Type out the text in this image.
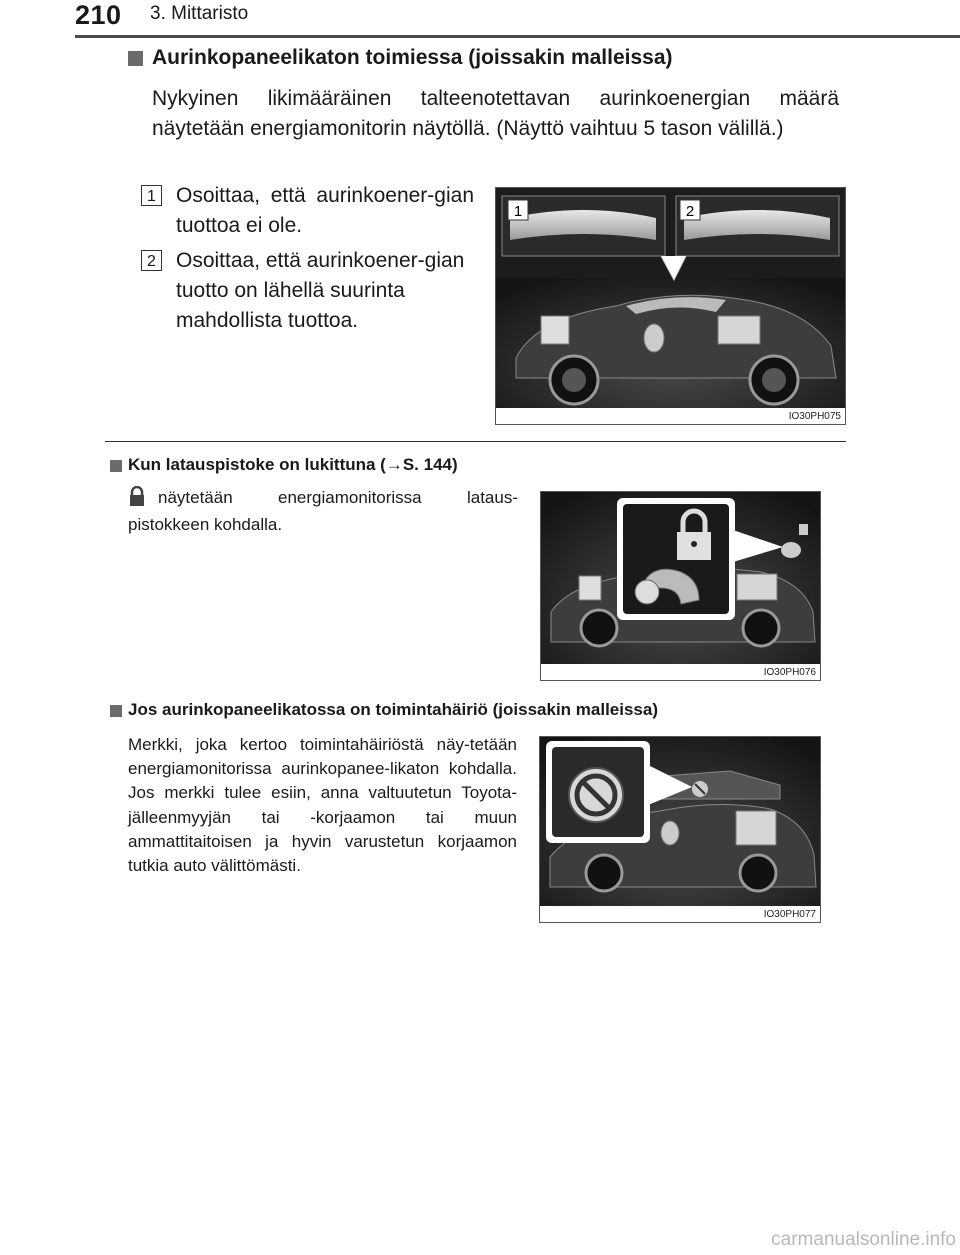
210 3. Mittaristo
Aurinkopaneelikaton toimiessa (joissakin malleissa)
Nykyinen likimääräinen talteenotettavan aurinkoenergian määrä näytetään energiamonitorin näytöllä. (Näyttö vaihtuu 5 tason välillä.)
1 Osoittaa, että aurinkoener-gian tuottoa ei ole.
2 Osoittaa, että aurinkoener-gian tuotto on lähellä suurinta mahdollista tuottoa.
1	2
IO30PH075
Kun latauspistoke on lukittuna (→S. 144)
näytetään energiamonitorissa lataus-pistokkeen kohdalla.
IO30PH076
Jos aurinkopaneelikatossa on toimintahäiriö (joissakin malleissa)
Merkki, joka kertoo toimintahäiriöstä näy-tetään energiamonitorissa aurinkopanee-likaton kohdalla. Jos merkki tulee esiin, anna valtuutetun Toyota-jälleenmyyjän tai -korjaamon tai muun ammattitaitoisen ja hyvin varustetun korjaamon tutkia auto välittömästi.
IO30PH077
carmanualsonline.info
